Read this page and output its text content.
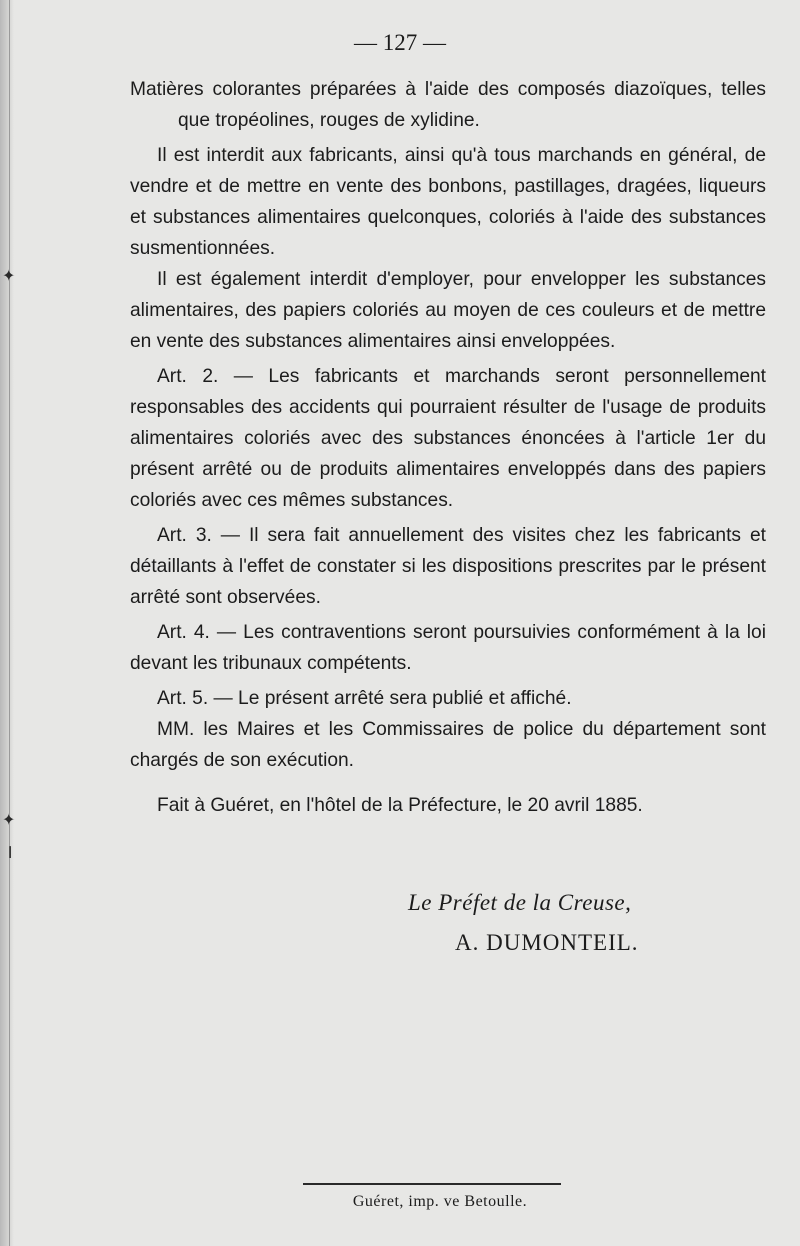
✦
✦
╷
— 127 —

Matières colorantes préparées à l'aide des composés diazoïques, telles que tropéolines, rouges de xylidine.

Il est interdit aux fabricants, ainsi qu'à tous marchands en général, de vendre et de mettre en vente des bonbons, pastillages, dragées, liqueurs et substances alimentaires quelconques, coloriés à l'aide des substances susmentionnées.

Il est également interdit d'employer, pour envelopper les substances alimentaires, des papiers coloriés au moyen de ces couleurs et de mettre en vente des substances alimentaires ainsi enveloppées.

Art. 2. — Les fabricants et marchands seront personnellement responsables des accidents qui pourraient résulter de l'usage de produits alimentaires coloriés avec des substances énoncées à l'article 1er du présent arrêté ou de produits alimentaires enveloppés dans des papiers coloriés avec ces mêmes substances.

Art. 3. — Il sera fait annuellement des visites chez les fabricants et détaillants à l'effet de constater si les dispositions prescrites par le présent arrêté sont observées.

Art. 4. — Les contraventions seront poursuivies conformément à la loi devant les tribunaux compétents.

Art. 5. — Le présent arrêté sera publié et affiché.

MM. les Maires et les Commissaires de police du département sont chargés de son exécution.

Fait à Guéret, en l'hôtel de la Préfecture, le 20 avril 1885.

Le Préfet de la Creuse,
A. DUMONTEIL.
Guéret, imp. ve Betoulle.
